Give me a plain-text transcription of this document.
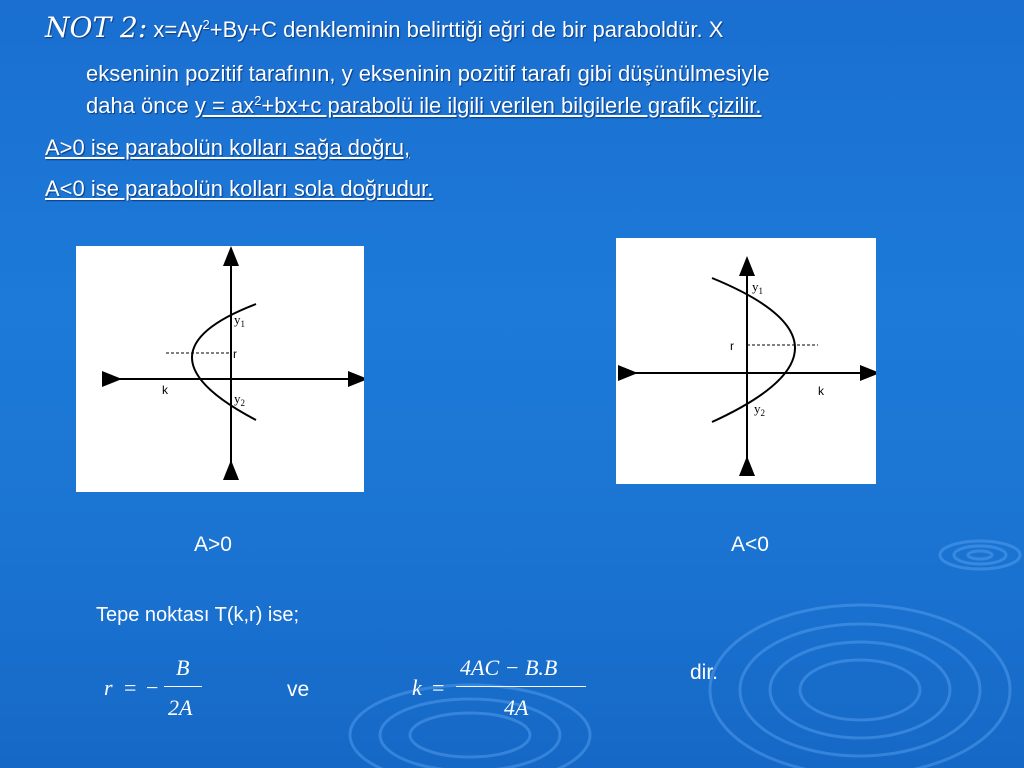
NOT 2: $x=Ay^2+By+C$ denkleminin belirttiği eğri de bir paraboldür. X
ekseninin pozitif tarafının, y ekseninin pozitif tarafı gibi düşünülmesiyle
daha önce $y = ax^2+bx+c$ parabolü ile ilgili verilen bilgilerle grafik çizilir.
A>0 ise parabolün kolları sağa doğru,
A<0 ise parabolün kolları sola doğrudur.
$y_1$
r
k
$y_2$
$y_1$
r
k
$y_2$
A>0	A<0
Tepe noktası T(k,r) ise;
r = −
B
2A
ve	k =
4AC − B.B
4A
dir.
